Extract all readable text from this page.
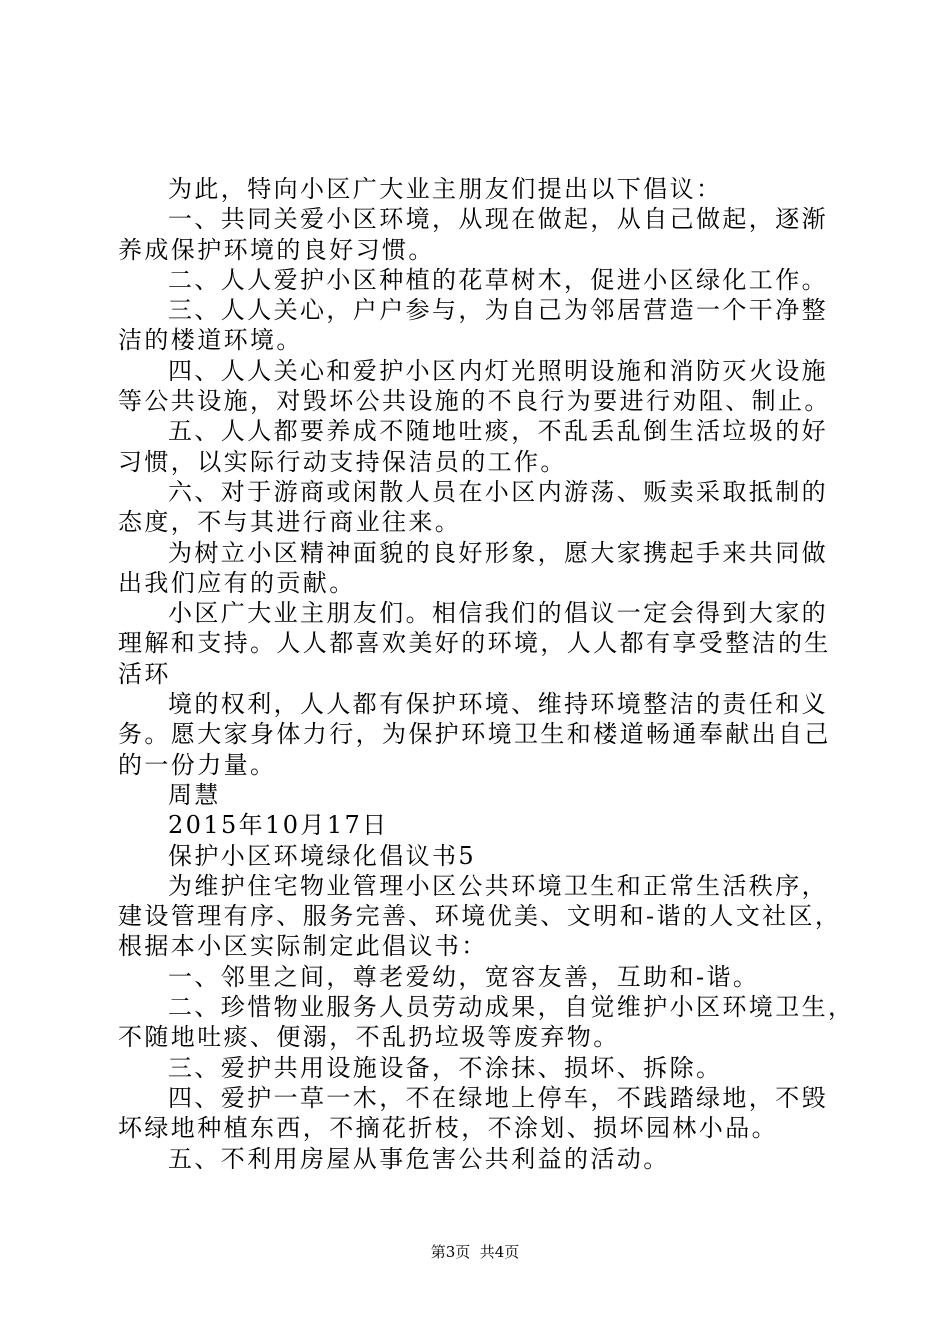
为此，特向小区广大业主朋友们提出以下倡议：
一、共同关爱小区环境，从现在做起，从自己做起，逐渐
养成保护环境的良好习惯。
二、人人爱护小区种植的花草树木，促进小区绿化工作。
三、人人关心，户户参与，为自己为邻居营造一个干净整
洁的楼道环境。
四、人人关心和爱护小区内灯光照明设施和消防灭火设施
等公共设施，对毁坏公共设施的不良行为要进行劝阻、制止。
五、人人都要养成不随地吐痰，不乱丢乱倒生活垃圾的好
习惯，以实际行动支持保洁员的工作。
六、对于游商或闲散人员在小区内游荡、贩卖采取抵制的
态度，不与其进行商业往来。
为树立小区精神面貌的良好形象，愿大家携起手来共同做
出我们应有的贡献。
小区广大业主朋友们。相信我们的倡议一定会得到大家的
理解和支持。人人都喜欢美好的环境，人人都有享受整洁的生
活环
境的权利，人人都有保护环境、维持环境整洁的责任和义
务。愿大家身体力行，为保护环境卫生和楼道畅通奉献出自己
的一份力量。
周慧
2015年10月17日
保护小区环境绿化倡议书5
为维护住宅物业管理小区公共环境卫生和正常生活秩序，
建设管理有序、服务完善、环境优美、文明和-谐的人文社区，
根据本小区实际制定此倡议书：
一、邻里之间，尊老爱幼，宽容友善，互助和-谐。
二、珍惜物业服务人员劳动成果，自觉维护小区环境卫生，
不随地吐痰、便溺，不乱扔垃圾等废弃物。
三、爱护共用设施设备，不涂抹、损坏、拆除。
四、爱护一草一木，不在绿地上停车，不践踏绿地，不毁
坏绿地种植东西，不摘花折枝，不涂划、损坏园林小品。
五、不利用房屋从事危害公共利益的活动。
第3页  共4页
